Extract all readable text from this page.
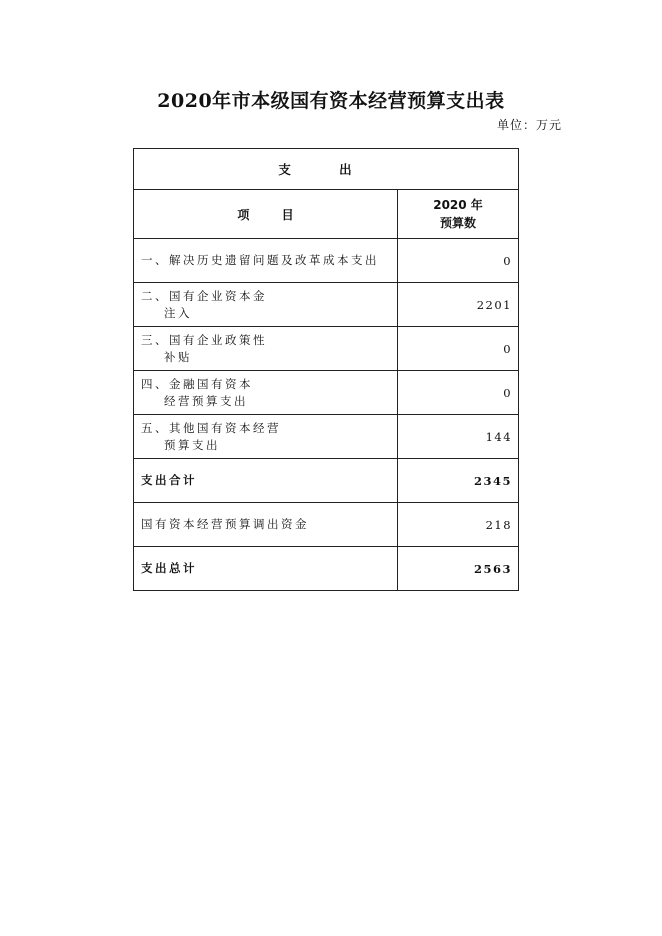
2020年市本级国有资本经营预算支出表
单位：万元
支 出	
项 目	2020 年
预算数

一、解决历史遗留问题及改革成本支出	0
二、国有企业资本金
注入	2201
三、国有企业政策性
补贴	0
四、金融国有资本
经营预算支出	0
五、其他国有资本经营
预算支出	144
支出合计	2345
国有资本经营预算调出资金	218
支出总计	2563
